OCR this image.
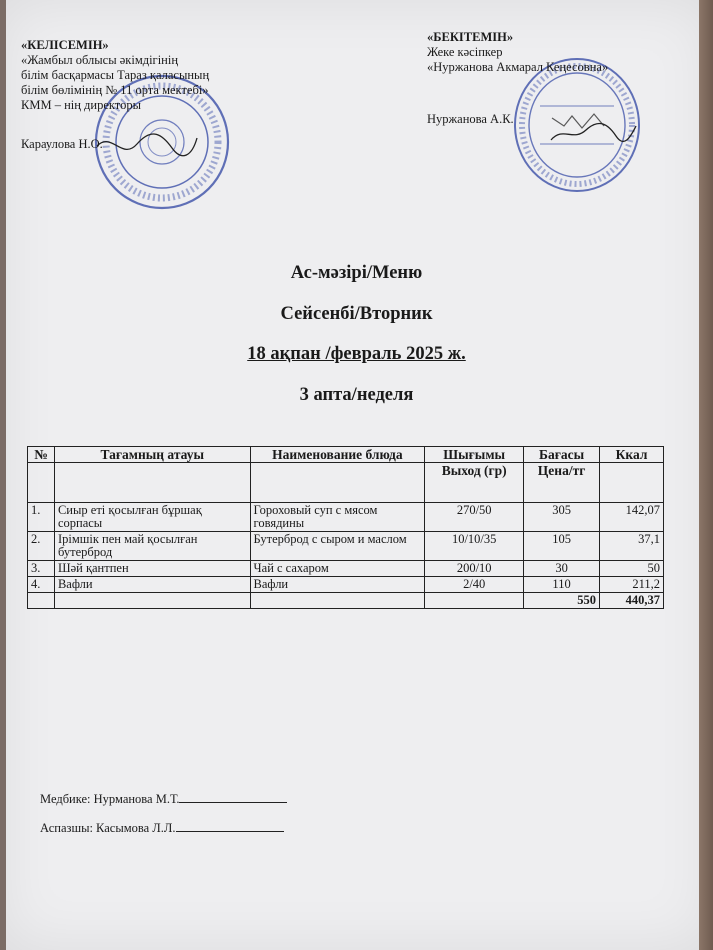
«КЕЛІСЕМІН»
«Жамбыл облысы әкімдігінің
білім басқармасы Тараз қаласының
білім бөлімінің № 11 орта мектебі»
КММ – нің директоры
Караулова Н.О.
«БЕКІТЕМІН»
Жеке кәсіпкер
«Нуржанова Акмарал Кеңесовна»
Нуржанова А.К.
Ас-мәзірі/Меню
Сейсенбі/Вторник
18 ақпан /февраль 2025 ж.
3 апта/неделя
№	Тағамның атауы	Наименование блюда	Шығымы	Бағасы	Ккал
			Выход (гр)	Цена/тг	
1.	Сиыр еті қосылған бұршақ сорпасы	Гороховый суп с мясом говядины	270/50	305	142,07
2.	Ірімшік пен май қосылған бутерброд	Бутерброд с сыром и маслом	10/10/35	105	37,1
3.	Шәй қантпен	Чай с сахаром	200/10	30	50
4.	Вафли	Вафли	2/40	110	211,2
				550	440,37
Медбике: Нурманова М.Т.
Аспазшы: Касымова Л.Л.
